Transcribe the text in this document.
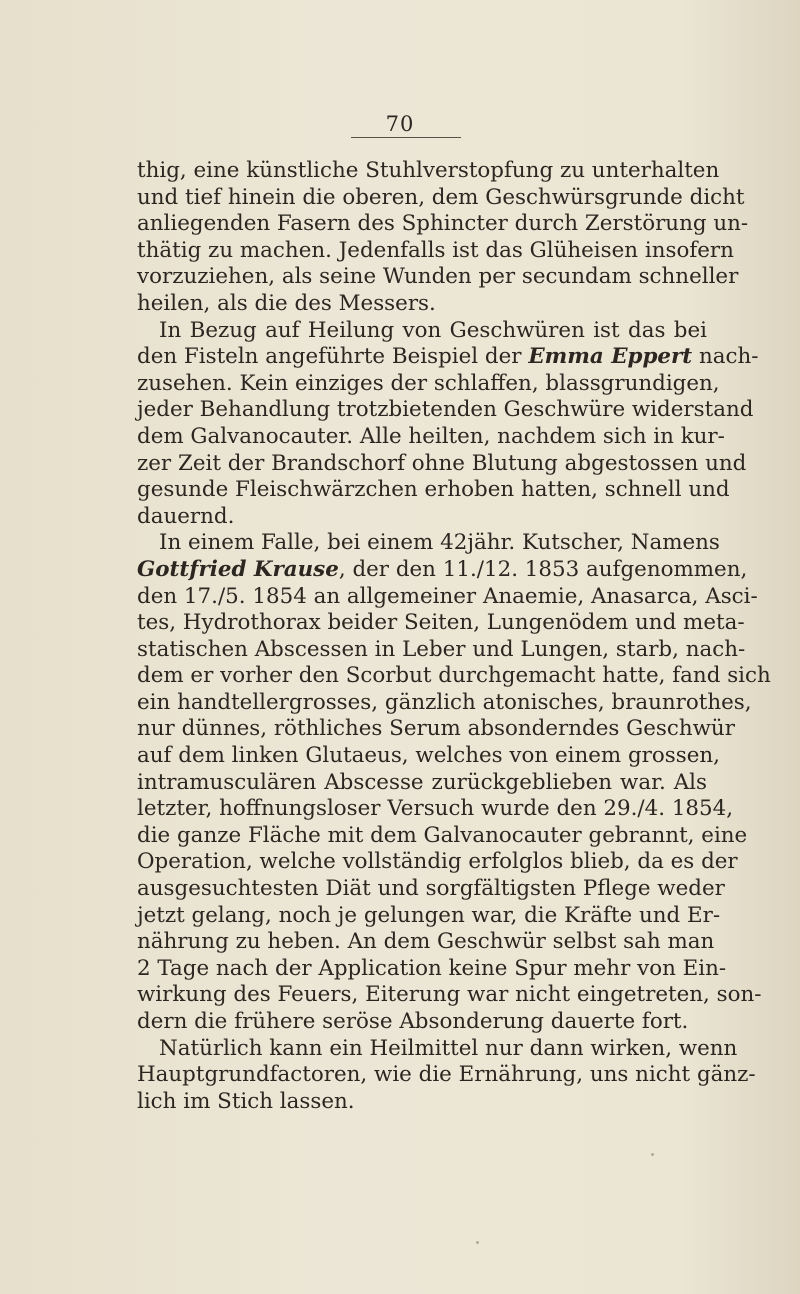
70
thig, eine künstliche Stuhlverstopfung zu unterhalten
und tief hinein die oberen, dem Geschwürsgrunde dicht
anliegenden Fasern des Sphincter durch Zerstörung un-
thätig zu machen. Jedenfalls ist das Glüheisen insofern
vorzuziehen, als seine Wunden per secundam schneller
heilen, als die des Messers.
In Bezug auf Heilung von Geschwüren ist das bei
den Fisteln angeführte Beispiel der Emma Eppert nach-
zusehen. Kein einziges der schlaffen, blassgrundigen,
jeder Behandlung trotzbietenden Geschwüre widerstand
dem Galvanocauter. Alle heilten, nachdem sich in kur-
zer Zeit der Brandschorf ohne Blutung abgestossen und
gesunde Fleischwärzchen erhoben hatten, schnell und
dauernd.
In einem Falle, bei einem 42jähr. Kutscher, Namens
Gottfried Krause, der den 11./12. 1853 aufgenommen,
den 17./5. 1854 an allgemeiner Anaemie, Anasarca, Asci-
tes, Hydrothorax beider Seiten, Lungenödem und meta-
statischen Abscessen in Leber und Lungen, starb, nach-
dem er vorher den Scorbut durchgemacht hatte, fand sich
ein handtellergrosses, gänzlich atonisches, braunrothes,
nur dünnes, röthliches Serum absonderndes Geschwür
auf dem linken Glutaeus, welches von einem grossen,
intramusculären Abscesse zurückgeblieben war. Als
letzter, hoffnungsloser Versuch wurde den 29./4. 1854,
die ganze Fläche mit dem Galvanocauter gebrannt, eine
Operation, welche vollständig erfolglos blieb, da es der
ausgesuchtesten Diät und sorgfältigsten Pflege weder
jetzt gelang, noch je gelungen war, die Kräfte und Er-
nährung zu heben. An dem Geschwür selbst sah man
2 Tage nach der Application keine Spur mehr von Ein-
wirkung des Feuers, Eiterung war nicht eingetreten, son-
dern die frühere seröse Absonderung dauerte fort.
Natürlich kann ein Heilmittel nur dann wirken, wenn
Hauptgrundfactoren, wie die Ernährung, uns nicht gänz-
lich im Stich lassen.
